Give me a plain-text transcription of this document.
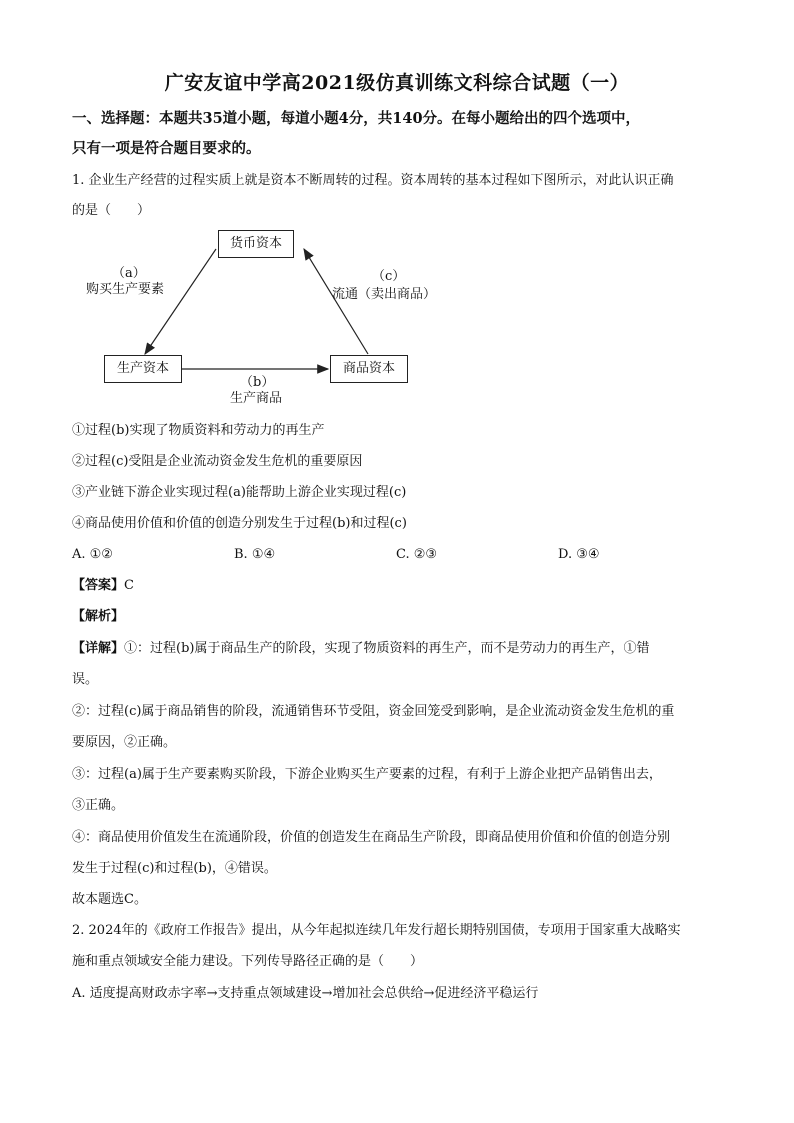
广安友谊中学高2021级仿真训练文科综合试题（一）
一、选择题：本题共35道小题，每道小题4分，共140分。在每小题给出的四个选项中，
只有一项是符合题目要求的。
1. 企业生产经营的过程实质上就是资本不断周转的过程。资本周转的基本过程如下图所示，对此认识正确
的是（　　）
货币资本
生产资本	商品资本
（a）
购买生产要素
（b）
生产商品
（c）
流通（卖出商品）
①过程(b)实现了物质资料和劳动力的再生产
②过程(c)受阻是企业流动资金发生危机的重要原因
③产业链下游企业实现过程(a)能帮助上游企业实现过程(c)
④商品使用价值和价值的创造分别发生于过程(b)和过程(c)
A. ①②	B. ①④	C. ②③	D. ③④
【答案】C
【解析】
【详解】①：过程(b)属于商品生产的阶段，实现了物质资料的再生产，而不是劳动力的再生产，①错
误。
②：过程(c)属于商品销售的阶段，流通销售环节受阻，资金回笼受到影响，是企业流动资金发生危机的重
要原因，②正确。
③：过程(a)属于生产要素购买阶段，下游企业购买生产要素的过程，有利于上游企业把产品销售出去，
③正确。
④：商品使用价值发生在流通阶段，价值的创造发生在商品生产阶段，即商品使用价值和价值的创造分别
发生于过程(c)和过程(b)，④错误。
故本题选C。
2. 2024年的《政府工作报告》提出，从今年起拟连续几年发行超长期特别国债，专项用于国家重大战略实
施和重点领域安全能力建设。下列传导路径正确的是（　　）
A. 适度提高财政赤字率→支持重点领域建设→增加社会总供给→促进经济平稳运行
